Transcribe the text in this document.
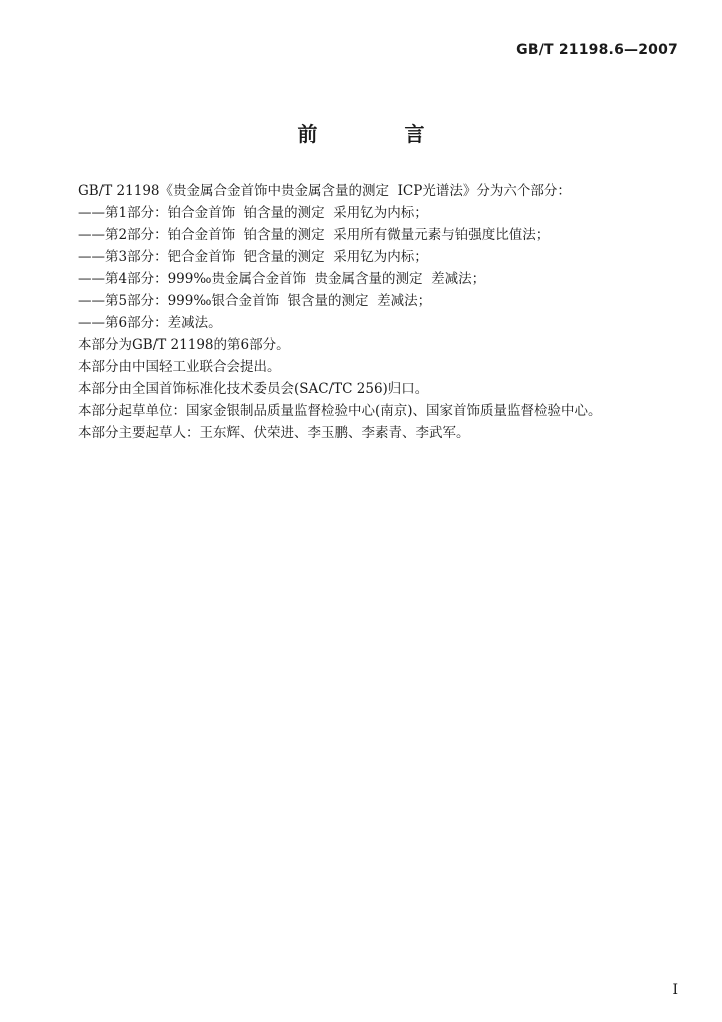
GB/T 21198.6—2007
前 言
GB/T 21198《贵金属合金首饰中贵金属含量的测定  ICP光谱法》分为六个部分：
——第1部分：铂合金首饰  铂含量的测定  采用钇为内标；
——第2部分：铂合金首饰  铂含量的测定  采用所有微量元素与铂强度比值法；
——第3部分：钯合金首饰  钯含量的测定  采用钇为内标；
——第4部分：999‰贵金属合金首饰  贵金属含量的测定  差减法；
——第5部分：999‰银合金首饰  银含量的测定  差减法；
——第6部分：差减法。
本部分为GB/T 21198的第6部分。
本部分由中国轻工业联合会提出。
本部分由全国首饰标准化技术委员会(SAC/TC 256)归口。
本部分起草单位：国家金银制品质量监督检验中心(南京)、国家首饰质量监督检验中心。
本部分主要起草人：王东辉、伏荣进、李玉鹏、李素青、李武军。
I
